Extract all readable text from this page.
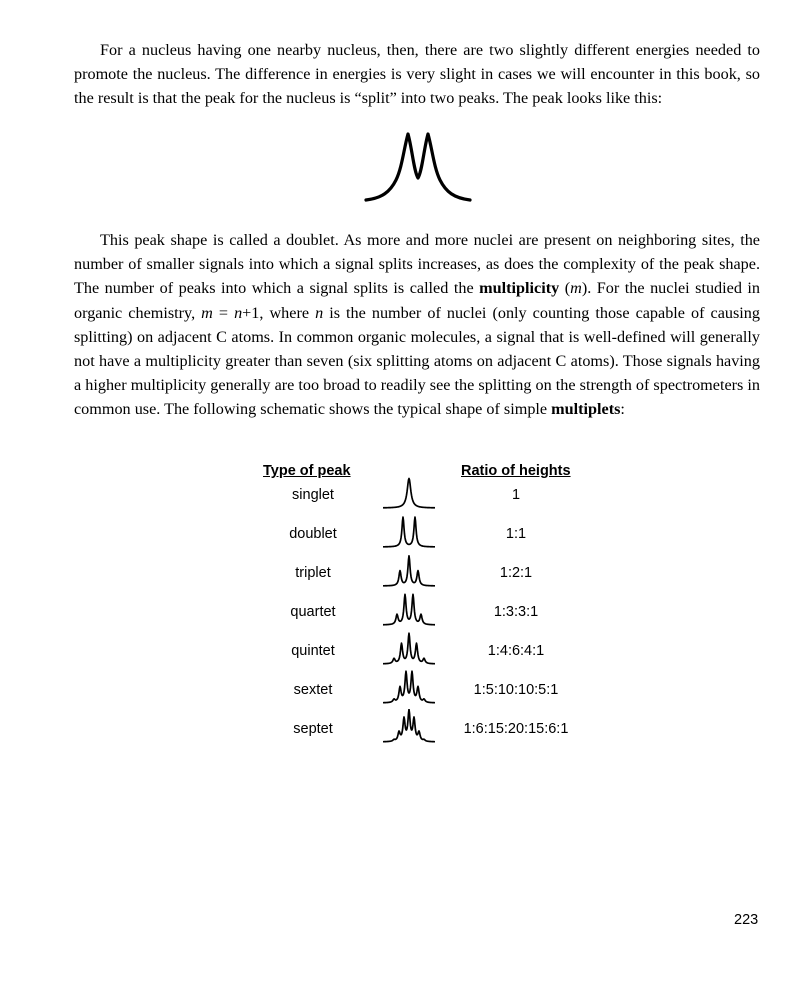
For a nucleus having one nearby nucleus, then, there are two slightly different energies needed to promote the nucleus. The difference in energies is very slight in cases we will encounter in this book, so the result is that the peak for the nucleus is “split” into two peaks. The peak looks like this:

This peak shape is called a doublet. As more and more nuclei are present on neighboring sites, the number of smaller signals into which a signal splits increases, as does the complexity of the peak shape. The number of peaks into which a signal splits is called the multiplicity (m). For the nuclei studied in organic chemistry, m = n+1, where n is the number of nuclei (only counting those capable of causing splitting) on adjacent C atoms. In common organic molecules, a signal that is well-defined will generally not have a multiplicity greater than seven (six splitting atoms on adjacent C atoms). Those signals having a higher multiplicity generally are too broad to readily see the splitting on the strength of spectrometers in common use. The following schematic shows the typical shape of simple multiplets:

Type of peak	Ratio of heights
singlet	1
doublet	1:1
triplet	1:2:1
quartet	1:3:3:1
quintet	1:4:6:4:1
sextet	1:5:10:10:5:1
septet	1:6:15:20:15:6:1
223
